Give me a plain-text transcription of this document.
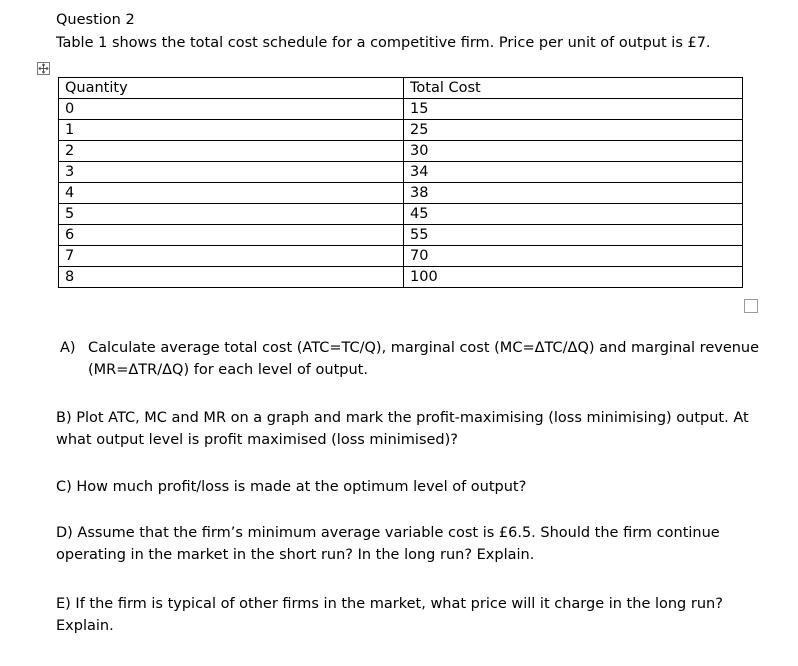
Question 2
Table 1 shows the total cost schedule for a competitive firm. Price per unit of output is £7.
Quantity	Total Cost
0	15
1	25
2	30
3	34
4	38
5	45
6	55
7	70
8	100
A) Calculate average total cost (ATC=TC/Q), marginal cost (MC=ΔTC/ΔQ) and marginal revenue
(MR=ΔTR/ΔQ) for each level of output.
B) Plot ATC, MC and MR on a graph and mark the profit-maximising (loss minimising) output. At
what output level is profit maximised (loss minimised)?
C) How much profit/loss is made at the optimum level of output?
D) Assume that the firm’s minimum average variable cost is £6.5. Should the firm continue
operating in the market in the short run? In the long run? Explain.
E) If the firm is typical of other firms in the market, what price will it charge in the long run?
Explain.
